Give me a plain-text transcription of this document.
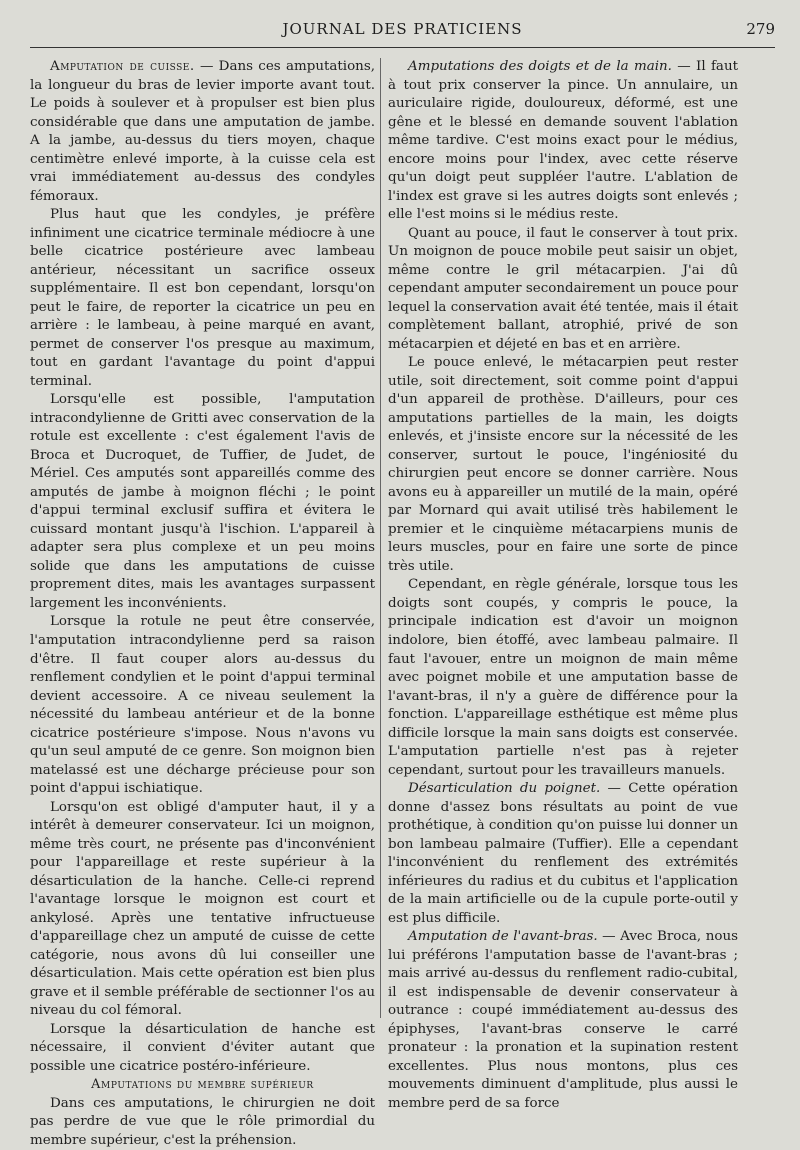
JOURNAL DES PRATICIENS	279

Amputation de cuisse. — Dans ces amputations, la longueur du bras de levier importe avant tout. Le poids à soulever et à propulser est bien plus considérable que dans une amputation de jambe. A la jambe, au-dessus du tiers moyen, chaque centimètre enlevé importe, à la cuisse cela est vrai immédiatement au-dessus des condyles fémoraux.

Plus haut que les condyles, je préfère infiniment une cicatrice terminale médiocre à une belle cicatrice postérieure avec lambeau antérieur, nécessitant un sacrifice osseux supplémentaire. Il est bon cependant, lorsqu'on peut le faire, de reporter la cicatrice un peu en arrière : le lambeau, à peine marqué en avant, permet de conserver l'os presque au maximum, tout en gardant l'avantage du point d'appui terminal.

Lorsqu'elle est possible, l'amputation intracondylienne de Gritti avec conservation de la rotule est excellente : c'est également l'avis de Broca et Ducroquet, de Tuffier, de Judet, de Mériel. Ces amputés sont appareillés comme des amputés de jambe à moignon fléchi ; le point d'appui terminal exclusif suffira et évitera le cuissard montant jusqu'à l'ischion. L'appareil à adapter sera plus complexe et un peu moins solide que dans les amputations de cuisse proprement dites, mais les avantages surpassent largement les inconvénients.

Lorsque la rotule ne peut être conservée, l'amputation intracondylienne perd sa raison d'être. Il faut couper alors au-dessus du renflement condylien et le point d'appui terminal devient accessoire. A ce niveau seulement la nécessité du lambeau antérieur et de la bonne cicatrice postérieure s'impose. Nous n'avons vu qu'un seul amputé de ce genre. Son moignon bien matelassé est une décharge précieuse pour son point d'appui ischiatique.

Lorsqu'on est obligé d'amputer haut, il y a intérêt à demeurer conservateur. Ici un moignon, même très court, ne présente pas d'inconvénient pour l'appareillage et reste supérieur à la désarticulation de la hanche. Celle-ci reprend l'avantage lorsque le moignon est court et ankylosé. Après une tentative infructueuse d'appareillage chez un amputé de cuisse de cette catégorie, nous avons dû lui conseiller une désarticulation. Mais cette opération est bien plus grave et il semble préférable de sectionner l'os au niveau du col fémoral.

Lorsque la désarticulation de hanche est nécessaire, il convient d'éviter autant que possible une cicatrice postéro-inférieure.

Amputations du membre supérieur

Dans ces amputations, le chirurgien ne doit pas perdre de vue que le rôle primordial du membre supérieur, c'est la préhension.

Amputations des doigts et de la main. — Il faut à tout prix conserver la pince. Un annulaire, un auriculaire rigide, douloureux, déformé, est une gêne et le blessé en demande souvent l'ablation même tardive. C'est moins exact pour le médius, encore moins pour l'index, avec cette réserve qu'un doigt peut suppléer l'autre. L'ablation de l'index est grave si les autres doigts sont enlevés ; elle l'est moins si le médius reste.

Quant au pouce, il faut le conserver à tout prix. Un moignon de pouce mobile peut saisir un objet, même contre le gril métacarpien. J'ai dû cependant amputer secondairement un pouce pour lequel la conservation avait été tentée, mais il était complètement ballant, atrophié, privé de son métacarpien et déjeté en bas et en arrière.

Le pouce enlevé, le métacarpien peut rester utile, soit directement, soit comme point d'appui d'un appareil de prothèse. D'ailleurs, pour ces amputations partielles de la main, les doigts enlevés, et j'insiste encore sur la nécessité de les conserver, surtout le pouce, l'ingéniosité du chirurgien peut encore se donner carrière. Nous avons eu à appareiller un mutilé de la main, opéré par Mornard qui avait utilisé très habilement le premier et le cinquième métacarpiens munis de leurs muscles, pour en faire une sorte de pince très utile.

Cependant, en règle générale, lorsque tous les doigts sont coupés, y compris le pouce, la principale indication est d'avoir un moignon indolore, bien étoffé, avec lambeau palmaire. Il faut l'avouer, entre un moignon de main même avec poignet mobile et une amputation basse de l'avant-bras, il n'y a guère de différence pour la fonction. L'appareillage esthétique est même plus difficile lorsque la main sans doigts est conservée. L'amputation partielle n'est pas à rejeter cependant, surtout pour les travailleurs manuels.

Désarticulation du poignet. — Cette opération donne d'assez bons résultats au point de vue prothétique, à condition qu'on puisse lui donner un bon lambeau palmaire (Tuffier). Elle a cependant l'inconvénient du renflement des extrémités inférieures du radius et du cubitus et l'application de la main artificielle ou de la cupule porte-outil y est plus difficile.

Amputation de l'avant-bras. — Avec Broca, nous lui préférons l'amputation basse de l'avant-bras ; mais arrivé au-dessus du renflement radio-cubital, il est indispensable de devenir conservateur à outrance : coupé immédiatement au-dessus des épiphyses, l'avant-bras conserve le carré pronateur : la pronation et la supination restent excellentes. Plus nous montons, plus ces mouvements diminuent d'amplitude, plus aussi le membre perd de sa force
